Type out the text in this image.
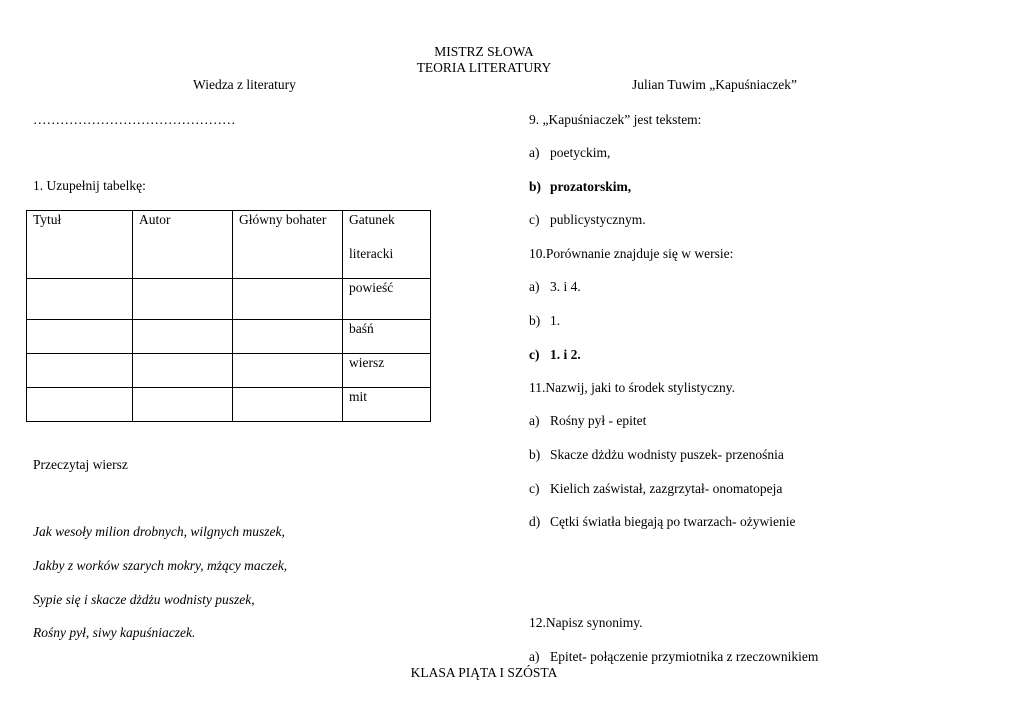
MISTRZ SŁOWA
TEORIA LITERATURY
Wiedza z literatury	Julian Tuwim „Kapuśniaczek”
………………………………………
1. Uzupełnij tabelkę:
Tytuł	Autor	Główny bohater	Gatunek
literacki

			powieść

			baśń

			wiersz

			mit
Przeczytaj wiersz
Jak wesoły milion drobnych, wilgnych muszek,
Jakby z worków szarych mokry, mżący maczek,
Sypie się i skacze dżdżu wodnisty puszek,
Rośny pył, siwy kapuśniaczek.
9. „Kapuśniaczek” jest tekstem:
a) poetyckim,
b) prozatorskim,
c) publicystycznym.
10.Porównanie znajduje się w wersie:
a) 3. i 4.
b) 1.
c) 1. i 2.
11.Nazwij, jaki to środek stylistyczny.
a) Rośny pył - epitet
b) Skacze dżdżu wodnisty puszek- przenośnia
c) Kielich zaświstał, zazgrzytał- onomatopeja
d) Cętki światła biegają po twarzach- ożywienie
12.Napisz synonimy.
a) Epitet- połączenie przymiotnika z rzeczownikiem
KLASA PIĄTA I SZÓSTA
